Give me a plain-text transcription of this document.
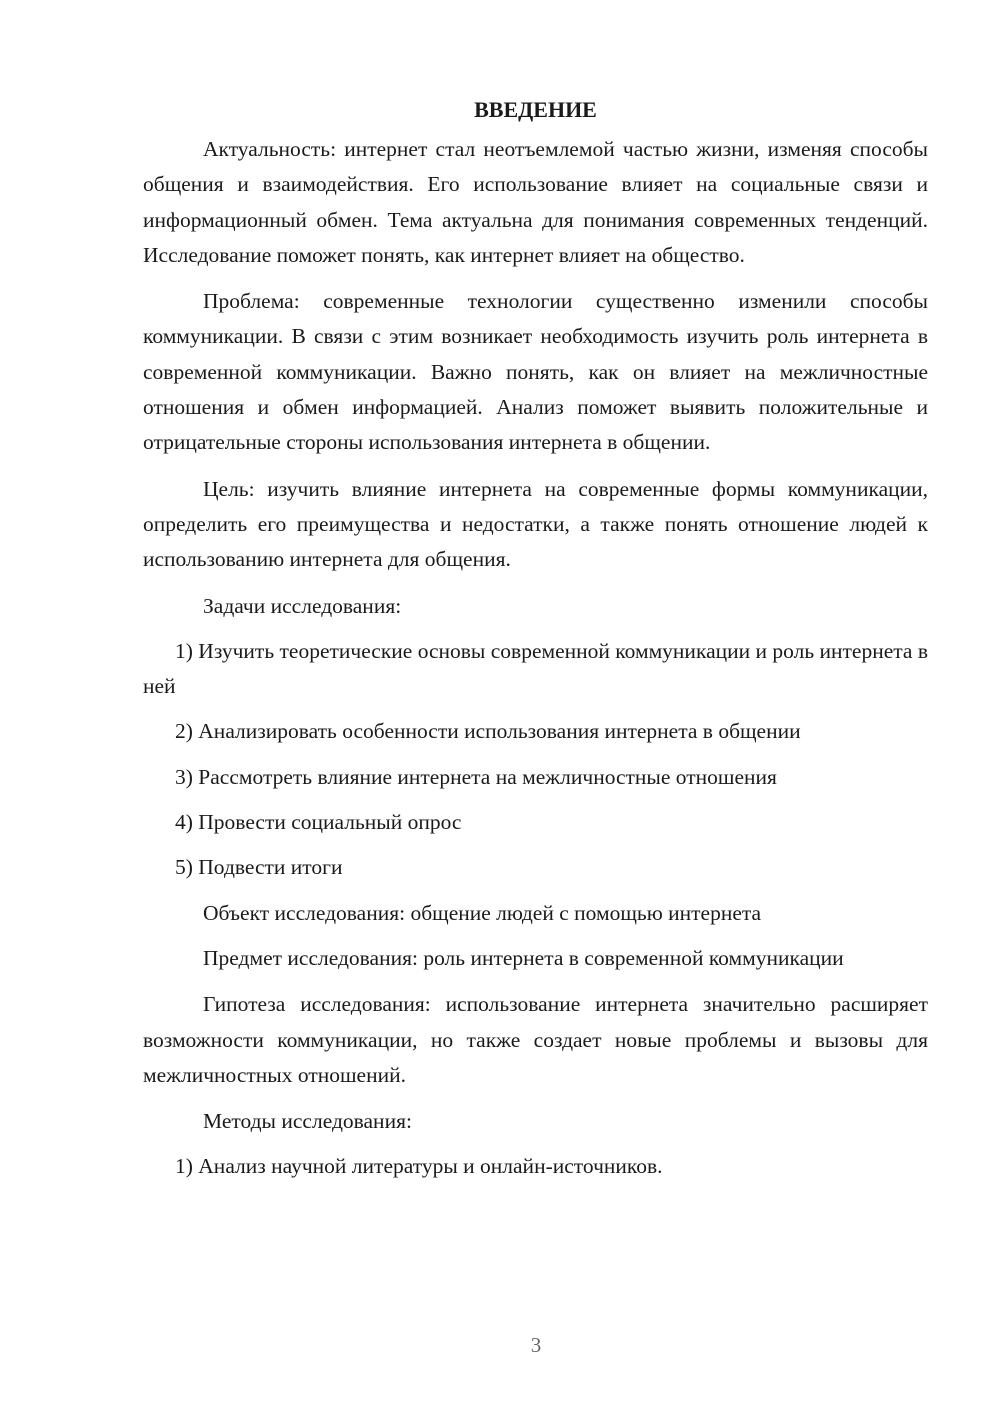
ВВЕДЕНИЕ

Актуальность: интернет стал неотъемлемой частью жизни, изменяя способы общения и взаимодействия. Его использование влияет на социальные связи и информационный обмен. Тема актуальна для понимания современных тенденций. Исследование поможет понять, как интернет влияет на общество.

Проблема: современные технологии существенно изменили способы коммуникации. В связи с этим возникает необходимость изучить роль интернета в современной коммуникации. Важно понять, как он влияет на межличностные отношения и обмен информацией. Анализ поможет выявить положительные и отрицательные стороны использования интернета в общении.

Цель: изучить влияние интернета на современные формы коммуникации, определить его преимущества и недостатки, а также понять отношение людей к использованию интернета для общения.

Задачи исследования:

1) Изучить теоретические основы современной коммуникации и роль интернета в ней

2) Анализировать особенности использования интернета в общении

3) Рассмотреть влияние интернета на межличностные отношения

4) Провести социальный опрос

5) Подвести итоги

Объект исследования: общение людей с помощью интернета

Предмет исследования: роль интернета в современной коммуникации

Гипотеза исследования: использование интернета значительно расширяет возможности коммуникации, но также создает новые проблемы и вызовы для межличностных отношений.

Методы исследования:

1) Анализ научной литературы и онлайн-источников.

3
